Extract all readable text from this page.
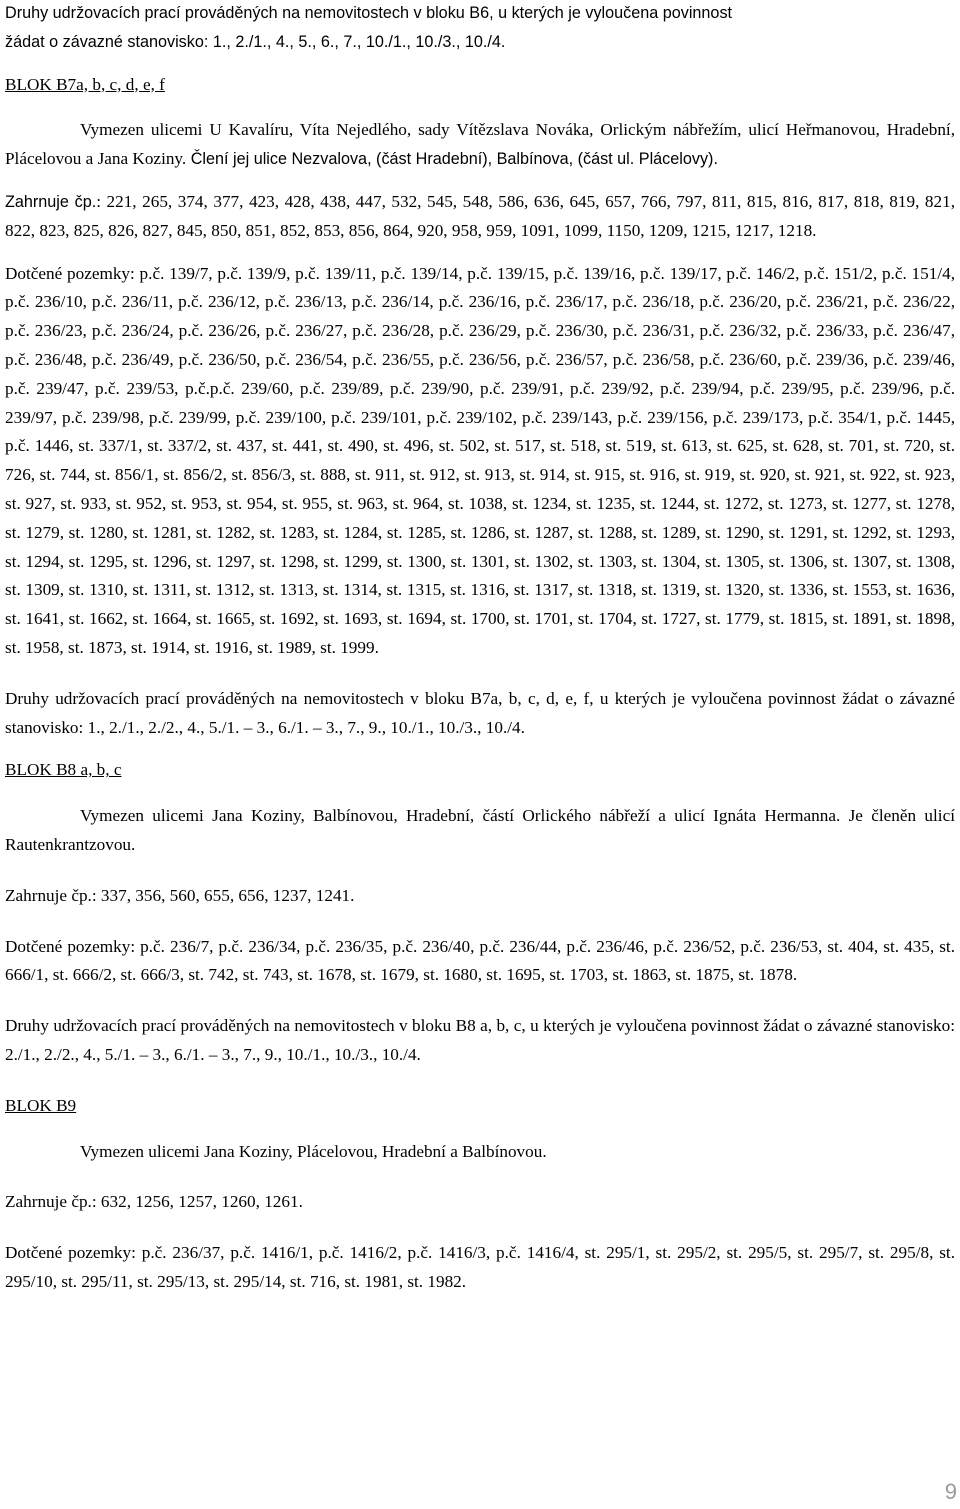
Druhy udržovacích prací prováděných na nemovitostech v bloku B6, u kterých je vyloučena povinnost
žádat o závazné stanovisko: 1., 2./1., 4., 5., 6., 7., 10./1., 10./3., 10./4.

BLOK B7a, b, c, d, e, f

Vymezen ulicemi U Kavalíru, Víta Nejedlého, sady Vítězslava Nováka, Orlickým nábřežím, ulicí Heřmanovou, Hradební, Plácelovou a Jana Koziny. Člení jej ulice Nezvalova, (část Hradební), Balbínova, (část ul. Plácelovy).

Zahrnuje čp.: 221, 265, 374, 377, 423, 428, 438, 447, 532, 545, 548, 586, 636, 645, 657, 766, 797, 811, 815, 816, 817, 818, 819, 821, 822, 823, 825, 826, 827, 845, 850, 851, 852, 853, 856, 864, 920, 958, 959, 1091, 1099, 1150, 1209, 1215, 1217, 1218.

Dotčené pozemky: p.č. 139/7, p.č. 139/9, p.č. 139/11, p.č. 139/14, p.č. 139/15, p.č. 139/16, p.č. 139/17, p.č. 146/2, p.č. 151/2, p.č. 151/4, p.č. 236/10, p.č. 236/11, p.č. 236/12, p.č. 236/13, p.č. 236/14, p.č. 236/16, p.č. 236/17, p.č. 236/18, p.č. 236/20, p.č. 236/21, p.č. 236/22, p.č. 236/23, p.č. 236/24, p.č. 236/26, p.č. 236/27, p.č. 236/28, p.č. 236/29, p.č. 236/30, p.č. 236/31, p.č. 236/32, p.č. 236/33, p.č. 236/47, p.č. 236/48, p.č. 236/49, p.č. 236/50, p.č. 236/54, p.č. 236/55, p.č. 236/56, p.č. 236/57, p.č. 236/58, p.č. 236/60, p.č. 239/36, p.č. 239/46, p.č. 239/47, p.č. 239/53, p.č.p.č. 239/60, p.č. 239/89, p.č. 239/90, p.č. 239/91, p.č. 239/92, p.č. 239/94, p.č. 239/95, p.č. 239/96, p.č. 239/97, p.č. 239/98, p.č. 239/99, p.č. 239/100, p.č. 239/101, p.č. 239/102, p.č. 239/143, p.č. 239/156, p.č. 239/173, p.č. 354/1, p.č. 1445, p.č. 1446, st. 337/1, st. 337/2, st. 437, st. 441, st. 490, st. 496, st. 502, st. 517, st. 518, st. 519, st. 613, st. 625, st. 628, st. 701, st. 720, st. 726, st. 744, st. 856/1, st. 856/2, st. 856/3, st. 888, st. 911, st. 912, st. 913, st. 914, st. 915, st. 916, st. 919, st. 920, st. 921, st. 922, st. 923, st. 927, st. 933, st. 952, st. 953, st. 954, st. 955, st. 963, st. 964, st. 1038, st. 1234, st. 1235, st. 1244, st. 1272, st. 1273, st. 1277, st. 1278, st. 1279, st. 1280, st. 1281, st. 1282, st. 1283, st. 1284, st. 1285, st. 1286, st. 1287, st. 1288, st. 1289, st. 1290, st. 1291, st. 1292, st. 1293, st. 1294, st. 1295, st. 1296, st. 1297, st. 1298, st. 1299, st. 1300, st. 1301, st. 1302, st. 1303, st. 1304, st. 1305, st. 1306, st. 1307, st. 1308, st. 1309, st. 1310, st. 1311, st. 1312, st. 1313, st. 1314, st. 1315, st. 1316, st. 1317, st. 1318, st. 1319, st. 1320, st. 1336, st. 1553, st. 1636, st. 1641, st. 1662, st. 1664, st. 1665, st. 1692, st. 1693, st. 1694, st. 1700, st. 1701, st. 1704, st. 1727, st. 1779, st. 1815, st. 1891, st. 1898, st. 1958, st. 1873, st. 1914, st. 1916, st. 1989, st. 1999.

Druhy udržovacích prací prováděných na nemovitostech v bloku B7a, b, c, d, e, f, u kterých je vyloučena povinnost žádat o závazné stanovisko: 1., 2./1., 2./2., 4., 5./1. – 3., 6./1. – 3., 7., 9., 10./1., 10./3., 10./4.

BLOK B8 a, b, c

Vymezen ulicemi Jana Koziny, Balbínovou, Hradební, částí Orlického nábřeží a ulicí Ignáta Hermanna. Je členěn ulicí Rautenkrantzovou.

Zahrnuje čp.: 337, 356, 560, 655, 656, 1237, 1241.

Dotčené pozemky: p.č. 236/7, p.č. 236/34, p.č. 236/35, p.č. 236/40, p.č. 236/44, p.č. 236/46, p.č. 236/52, p.č. 236/53, st. 404, st. 435, st. 666/1, st. 666/2, st. 666/3, st. 742, st. 743, st. 1678, st. 1679, st. 1680, st. 1695, st. 1703, st. 1863, st. 1875, st. 1878.

Druhy udržovacích prací prováděných na nemovitostech v bloku B8 a, b, c, u kterých je vyloučena povinnost žádat o závazné stanovisko: 2./1., 2./2., 4., 5./1. – 3., 6./1. – 3., 7., 9., 10./1., 10./3., 10./4.

BLOK B9

Vymezen ulicemi Jana Koziny, Plácelovou, Hradební a Balbínovou.

Zahrnuje čp.: 632, 1256, 1257, 1260, 1261.

Dotčené pozemky: p.č. 236/37, p.č. 1416/1, p.č. 1416/2, p.č. 1416/3, p.č. 1416/4, st. 295/1, st. 295/2, st. 295/5, st. 295/7, st. 295/8, st. 295/10, st. 295/11, st. 295/13, st. 295/14, st. 716, st. 1981, st. 1982.

9
